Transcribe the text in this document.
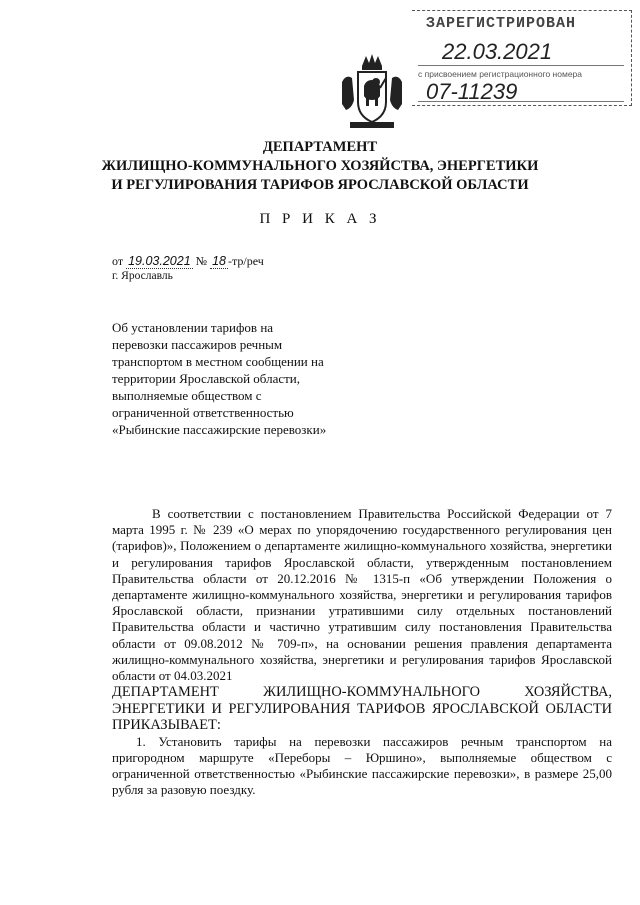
ЗАРЕГИСТРИРОВАН
22.03.2021
с присвоением регистрационного номера
07-11239
ДЕПАРТАМЕНТ
ЖИЛИЩНО-КОММУНАЛЬНОГО ХОЗЯЙСТВА, ЭНЕРГЕТИКИ
И РЕГУЛИРОВАНИЯ ТАРИФОВ ЯРОСЛАВСКОЙ ОБЛАСТИ
П Р И К А З
от 19.03.2021 № 18 -тр/реч
г. Ярославль
Об установлении тарифов на перевозки пассажиров речным транспортом в местном сообщении на территории Ярославской области, выполняемые обществом с ограниченной ответственностью «Рыбинские пассажирские перевозки»

В соответствии с постановлением Правительства Российской Федерации от 7 марта 1995 г. № 239 «О мерах по упорядочению государственного регулирования цен (тарифов)», Положением о департаменте жилищно-коммунального хозяйства, энергетики и регулирования тарифов Ярославской области, утвержденным постановлением Правительства области от 20.12.2016 № 1315-п «Об утверждении Положения о департаменте жилищно-коммунального хозяйства, энергетики и регулирования тарифов Ярославской области, признании утратившими силу отдельных постановлений Правительства области и частично утратившим силу постановления Правительства области от 09.08.2012 № 709-п», на основании решения правления департамента жилищно-коммунального хозяйства, энергетики и регулирования тарифов Ярославской области от 04.03.2021

ДЕПАРТАМЕНТ ЖИЛИЩНО-КОММУНАЛЬНОГО ХОЗЯЙСТВА, ЭНЕРГЕТИКИ И РЕГУЛИРОВАНИЯ ТАРИФОВ ЯРОСЛАВСКОЙ ОБЛАСТИ ПРИКАЗЫВАЕТ:

1. Установить тарифы на перевозки пассажиров речным транспортом на пригородном маршруте «Переборы – Юршино», выполняемые обществом с ограниченной ответственностью «Рыбинские пассажирские перевозки», в размере 25,00 рубля за разовую поездку.
